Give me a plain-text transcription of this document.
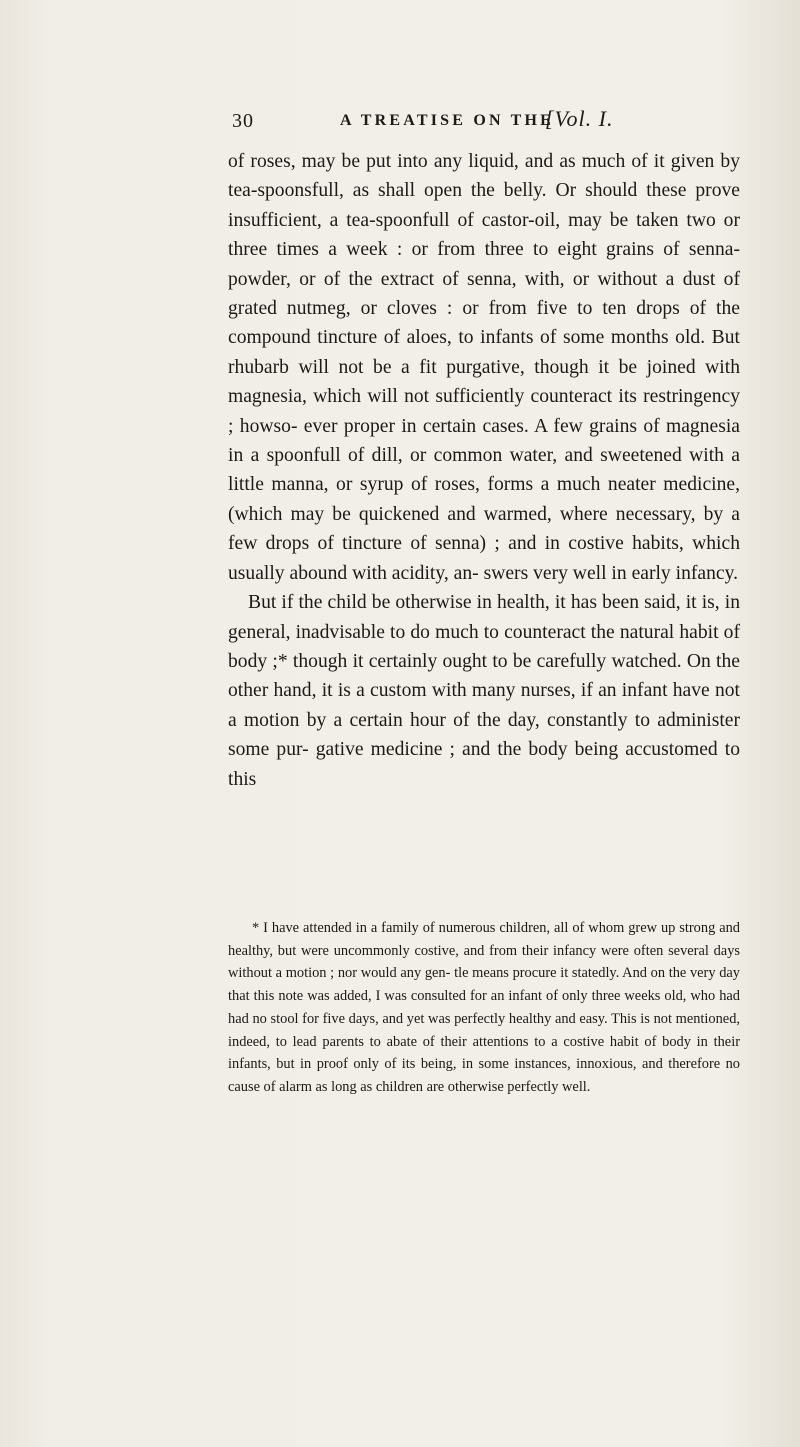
30	A TREATISE ON THE
[Vol. I.

of roses, may be put into any liquid, and as much of it given by tea-spoonsfull, as shall open the belly. Or should these prove insufficient, a tea-spoonfull of castor-oil, may be taken two or three times a week : or from three to eight grains of senna-powder, or of the extract of senna, with, or without a dust of grated nutmeg, or cloves : or from five to ten drops of the compound tincture of aloes, to infants of some months old. But rhubarb will not be a fit purgative, though it be joined with magnesia, which will not sufficiently counteract its restringency ; howso- ever proper in certain cases. A few grains of magnesia in a spoonfull of dill, or common water, and sweetened with a little manna, or syrup of roses, forms a much neater medicine, (which may be quickened and warmed, where necessary, by a few drops of tincture of senna) ; and in costive habits, which usually abound with acidity, an- swers very well in early infancy.

But if the child be otherwise in health, it has been said, it is, in general, inadvisable to do much to counteract the natural habit of body ;* though it certainly ought to be carefully watched. On the other hand, it is a custom with many nurses, if an infant have not a motion by a certain hour of the day, constantly to administer some pur- gative medicine ; and the body being accustomed to this

* I have attended in a family of numerous children, all of whom grew up strong and healthy, but were uncommonly costive, and from their infancy were often several days without a motion ; nor would any gen- tle means procure it statedly. And on the very day that this note was added, I was consulted for an infant of only three weeks old, who had had no stool for five days, and yet was perfectly healthy and easy. This is not mentioned, indeed, to lead parents to abate of their attentions to a costive habit of body in their infants, but in proof only of its being, in some instances, innoxious, and therefore no cause of alarm as long as children are otherwise perfectly well.
